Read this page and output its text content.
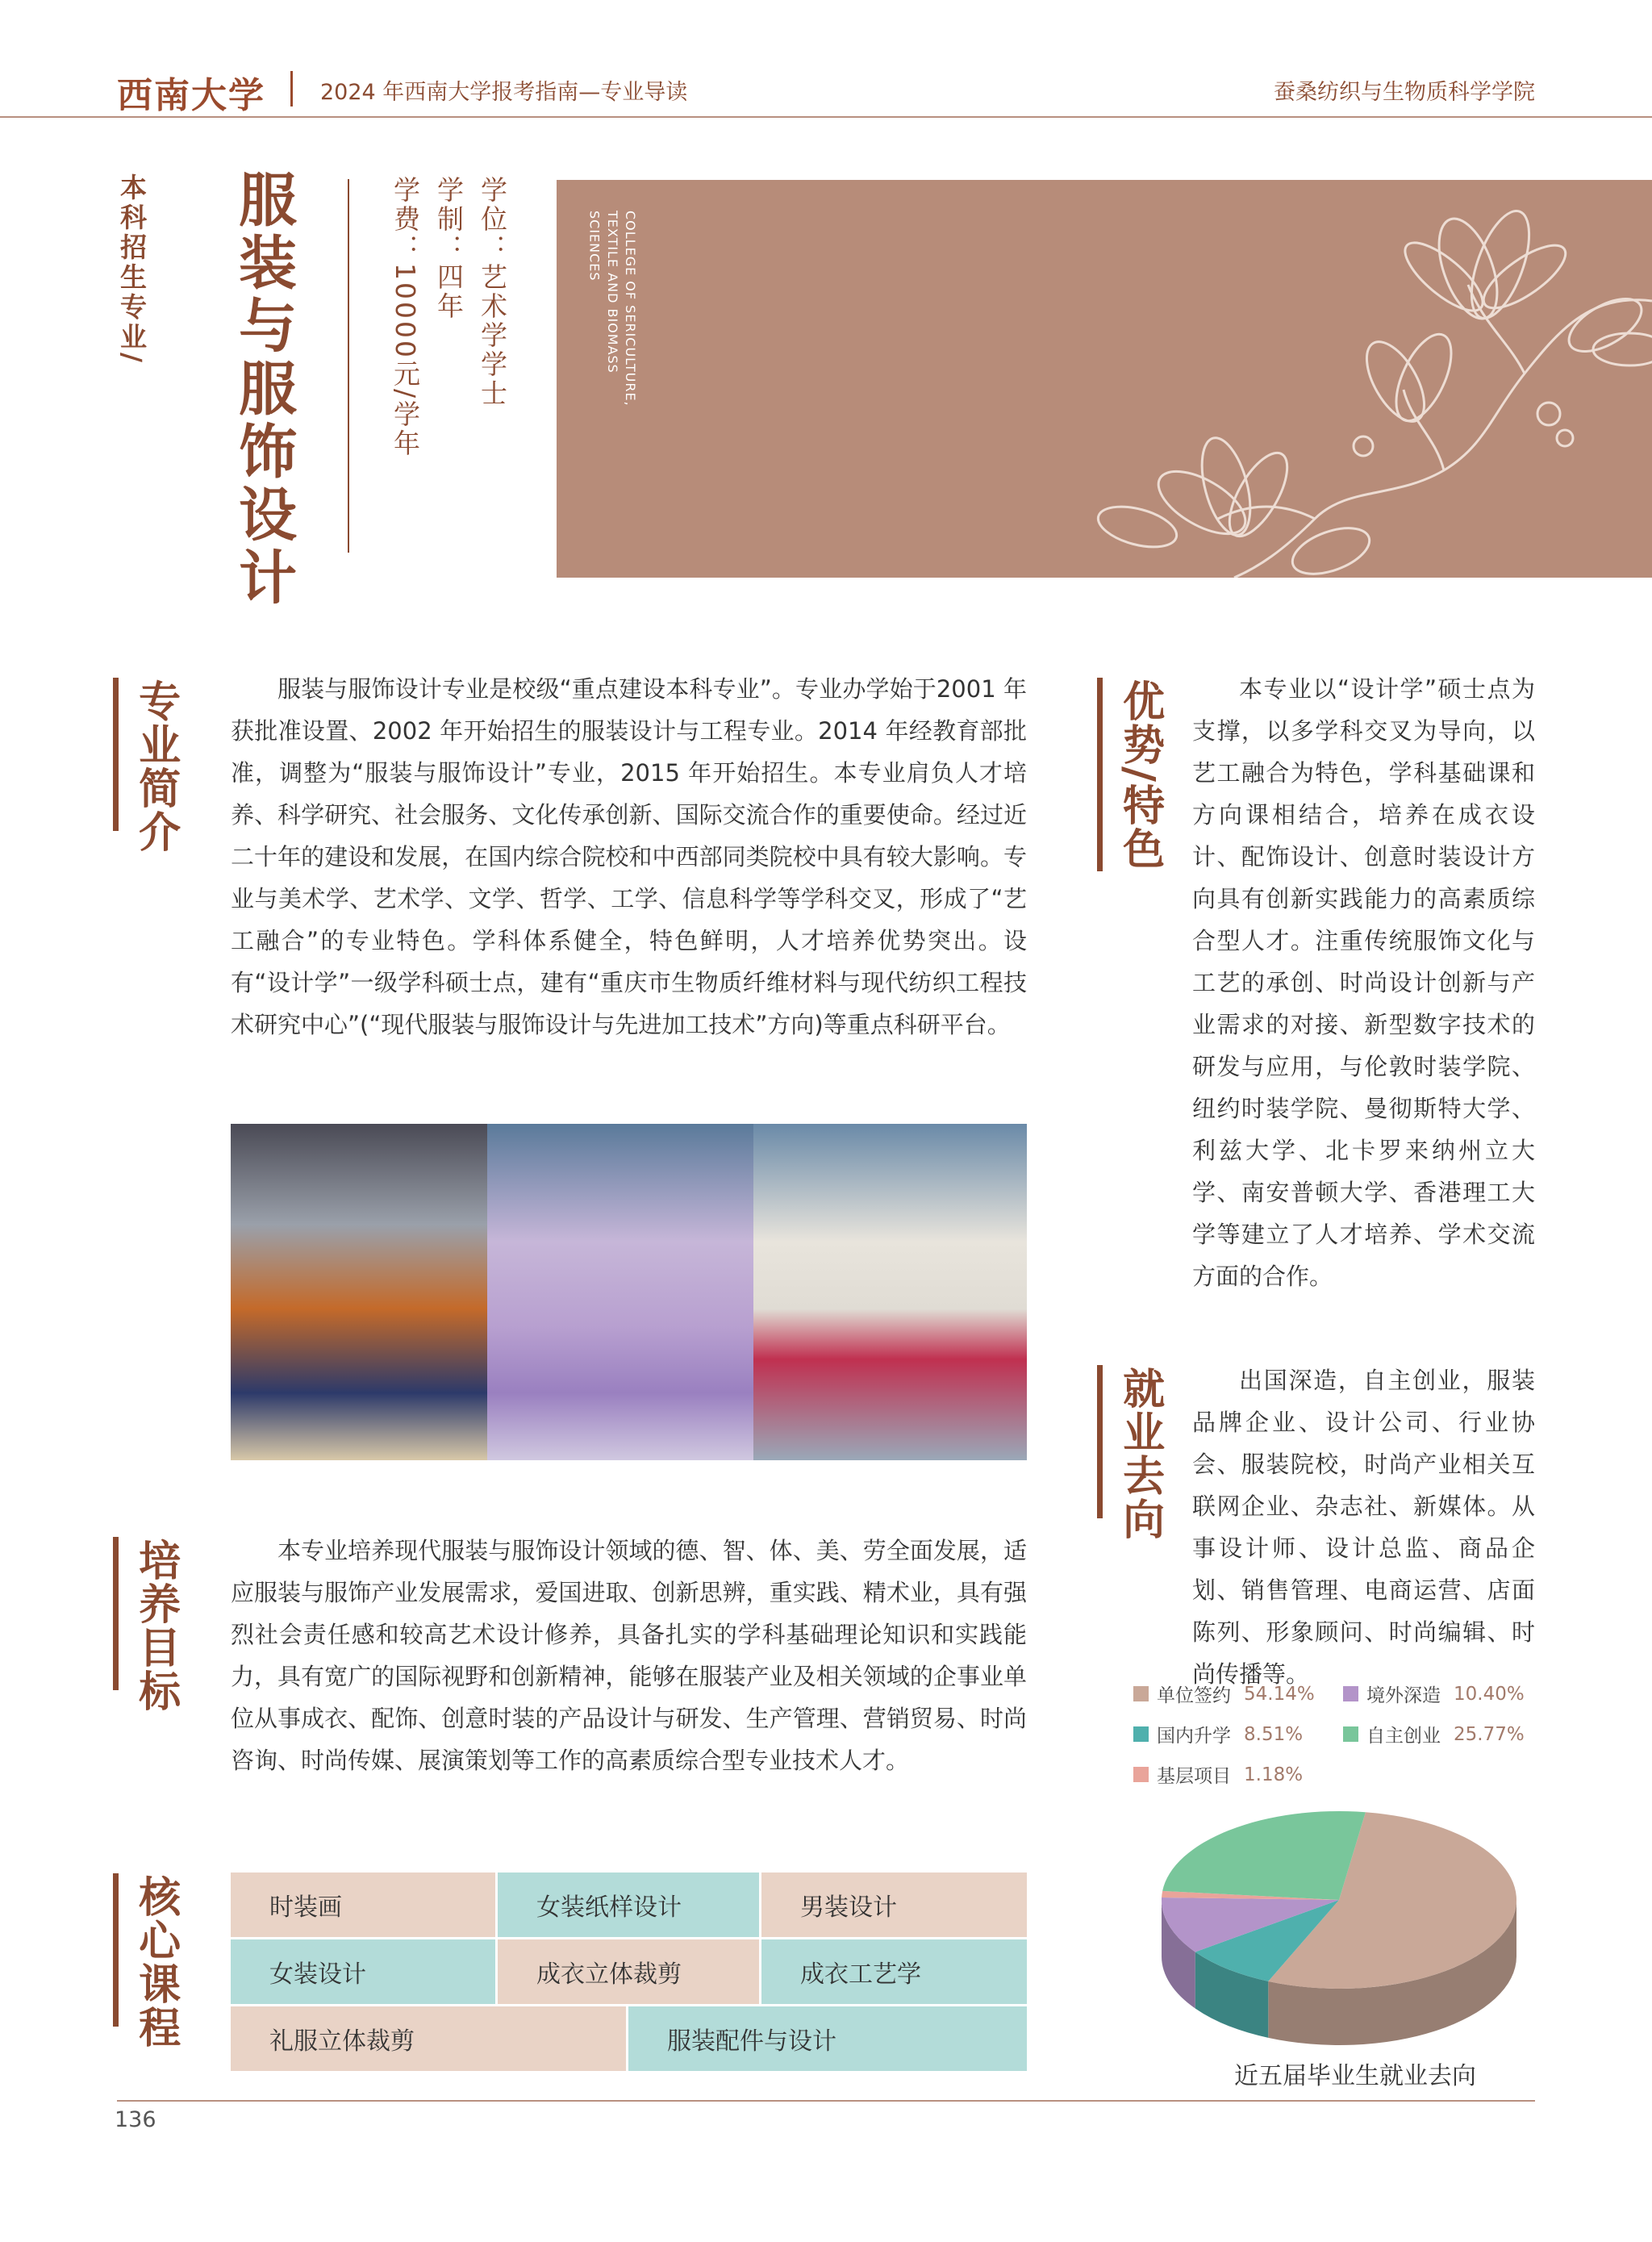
西南大学	2024 年西南大学报考指南—专业导读	蚕桑纺织与生物质科学学院
本科招生专业/ 服装与服饰设计	学位：艺术学学士
学制：四年
学费：10000元/学年	COLLEGE OF SERICULTURE,
TEXTILE AND BIOMASS
SCIENCES
专业简介	服装与服饰设计专业是校级“重点建设本科专业”。专业办学始于2001 年获批准设置、2002 年开始招生的服装设计与工程专业。2014 年经教育部批准，调整为“服装与服饰设计”专业，2015 年开始招生。本专业肩负人才培养、科学研究、社会服务、文化传承创新、国际交流合作的重要使命。经过近二十年的建设和发展，在国内综合院校和中西部同类院校中具有较大影响。专业与美术学、艺术学、文学、哲学、工学、信息科学等学科交叉，形成了“艺工融合”的专业特色。学科体系健全，特色鲜明，人才培养优势突出。设有“设计学”一级学科硕士点，建有“重庆市生物质纤维材料与现代纺织工程技术研究中心”(“现代服装与服饰设计与先进加工技术”方向)等重点科研平台。
优势/特色	本专业以“设计学”硕士点为支撑，以多学科交叉为导向，以艺工融合为特色，学科基础课和方向课相结合，培养在成衣设计、配饰设计、创意时装设计方向具有创新实践能力的高素质综合型人才。注重传统服饰文化与工艺的承创、时尚设计创新与产业需求的对接、新型数字技术的研发与应用，与伦敦时装学院、纽约时装学院、曼彻斯特大学、利兹大学、北卡罗来纳州立大学、南安普顿大学、香港理工大学等建立了人才培养、学术交流方面的合作。
培养目标	本专业培养现代服装与服饰设计领域的德、智、体、美、劳全面发展，适应服装与服饰产业发展需求，爱国进取、创新思辨，重实践、精术业，具有强烈社会责任感和较高艺术设计修养，具备扎实的学科基础理论知识和实践能力，具有宽广的国际视野和创新精神，能够在服装产业及相关领域的企事业单位从事成衣、配饰、创意时装的产品设计与研发、生产管理、营销贸易、时尚咨询、时尚传媒、展演策划等工作的高素质综合型专业技术人才。
就业去向	出国深造，自主创业，服装品牌企业、设计公司、行业协会、服装院校，时尚产业相关互联网企业、杂志社、新媒体。从事设计师、设计总监、商品企划、销售管理、电商运营、店面陈列、形象顾问、时尚编辑、时尚传播等。
核心课程	时装画	女装纸样设计	男装设计
女装设计	成衣立体裁剪	成衣工艺学
礼服立体裁剪	服装配件与设计
单位签约 54.14%	境外深造 10.40%
国内升学 8.51%	自主创业 25.77%
基层项目 1.18%
近五届毕业生就业去向
136
